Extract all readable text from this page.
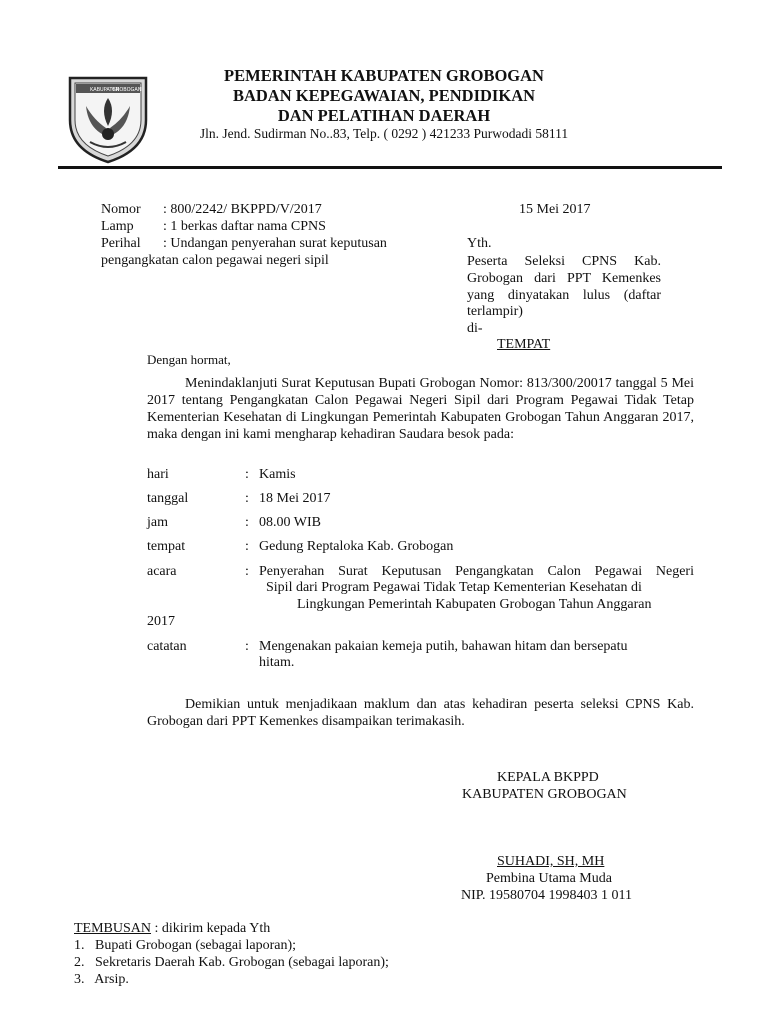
KABUPATEN
GROBOGAN
PEMERINTAH KABUPATEN GROBOGAN
BADAN KEPEGAWAIAN, PENDIDIKAN
DAN PELATIHAN DAERAH
Jln. Jend. Sudirman No..83, Telp. ( 0292 ) 421233 Purwodadi 58111
Nomor : 800/2242/ BKPPD/V/2017
Lamp : 1 berkas daftar nama CPNS
Perihal : Undangan penyerahan surat keputusan
pengangkatan calon pegawai negeri sipil
15 Mei 2017
Yth.
Peserta Seleksi CPNS Kab.
Grobogan dari PPT Kemenkes
yang dinyatakan lulus (daftar
terlampir)
di-
TEMPAT
Dengan hormat,
Menindaklanjuti Surat Keputusan Bupati Grobogan Nomor: 813/300/20017 tanggal 5 Mei 2017 tentang Pengangkatan Calon Pegawai Negeri Sipil dari Program Pegawai Tidak Tetap Kementerian Kesehatan di Lingkungan Pemerintah Kabupaten Grobogan Tahun Anggaran 2017, maka dengan ini kami mengharap kehadiran Saudara besok pada:
hari	: Kamis
tanggal	: 18 Mei 2017
jam	: 08.00 WIB
tempat	: Gedung Reptaloka Kab. Grobogan
acara	: Penyerahan Surat Keputusan Pengangkatan Calon Pegawai Negeri
Sipil dari Program Pegawai Tidak Tetap Kementerian Kesehatan di
Lingkungan Pemerintah Kabupaten Grobogan Tahun Anggaran
2017
catatan	: Mengenakan pakaian kemeja putih, bahawan hitam dan bersepatu
hitam.
Demikian untuk menjadikaan maklum dan atas kehadiran peserta seleksi CPNS Kab. Grobogan dari PPT Kemenkes disampaikan terimakasih.
KEPALA BKPPD
KABUPATEN GROBOGAN
SUHADI, SH, MH
Pembina Utama Muda
NIP. 19580704 1998403 1 011
TEMBUSAN : dikirim kepada Yth
1.   Bupati Grobogan (sebagai laporan);
2.   Sekretaris Daerah Kab. Grobogan (sebagai laporan);
3.   Arsip.
